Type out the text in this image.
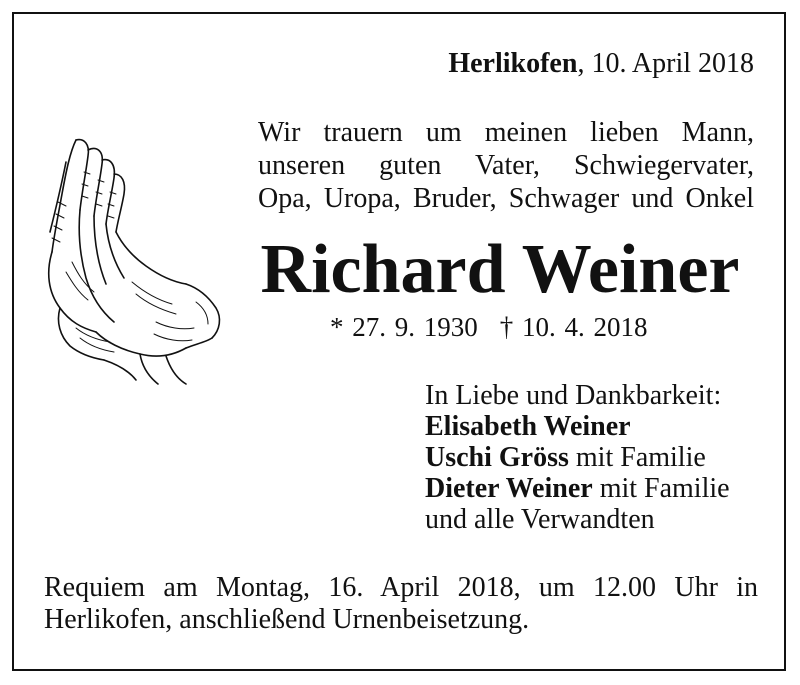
Herlikofen, 10. April 2018
Wir trauern um meinen lieben Mann,
unseren guten Vater, Schwiegervater,
Opa, Uropa, Bruder, Schwager und Onkel
Richard Weiner
* 27. 9. 1930 † 10. 4. 2018
In Liebe und Dankbarkeit:
Elisabeth Weiner
Uschi Gröss mit Familie
Dieter Weiner mit Familie
und alle Verwandten
Requiem am Montag, 16. April 2018, um 12.00 Uhr in
Herlikofen, anschließend Urnenbeisetzung.
